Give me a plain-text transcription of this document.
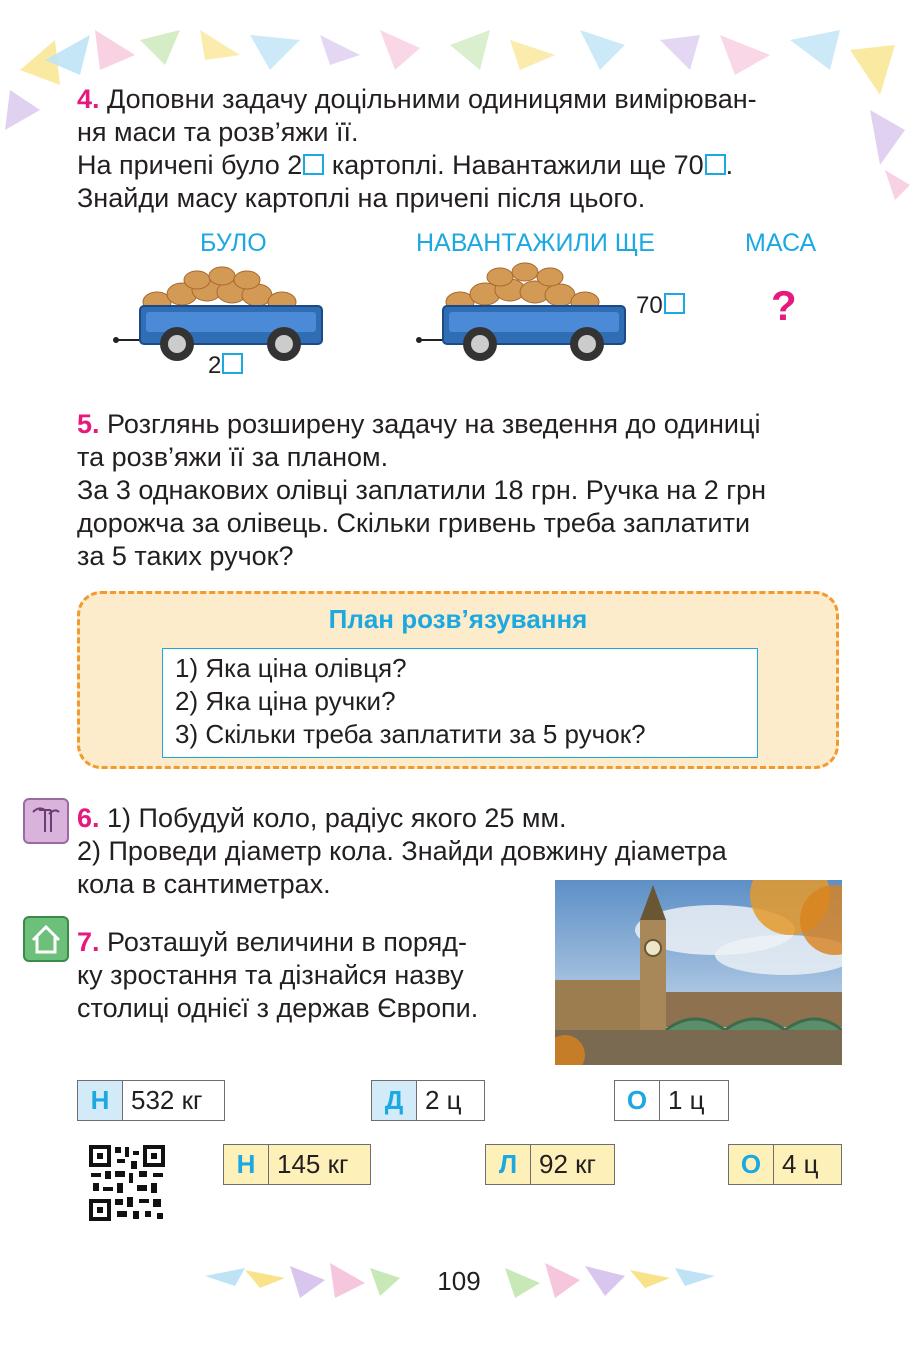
4. Доповни задачу доцільними одиницями вимірюван-
ня маси та розв’яжи її.
На причепі було 2 картоплі. Навантажили ще 70 .
Знайди масу картоплі на причепі після цього.
БУЛО	НАВАНТАЖИЛИ ЩЕ	МАСА
2
70	?
5. Розглянь розширену задачу на зведення до одиниці
та розв’яжи її за планом.
За 3 однакових олівці заплатили 18 грн. Ручка на 2 грн
дорожча за олівець. Скільки гривень треба заплатити
за 5 таких ручок?
План розв’язування
1) Яка ціна олівця?
2) Яка ціна ручки?
3) Скільки треба заплатити за 5 ручок?
6. 1) Побудуй коло, радіус якого 25 мм.
2) Проведи діаметр кола. Знайди довжину діаметра
кола в сантиметрах.
7. Розташуй величини в поряд-
ку зростання та дізнайся назву
столиці однієї з держав Європи.
Н 532 кг	Д 2 ц	О 1 ц
Н 145 кг	Л 92 кг	О 4 ц
109
